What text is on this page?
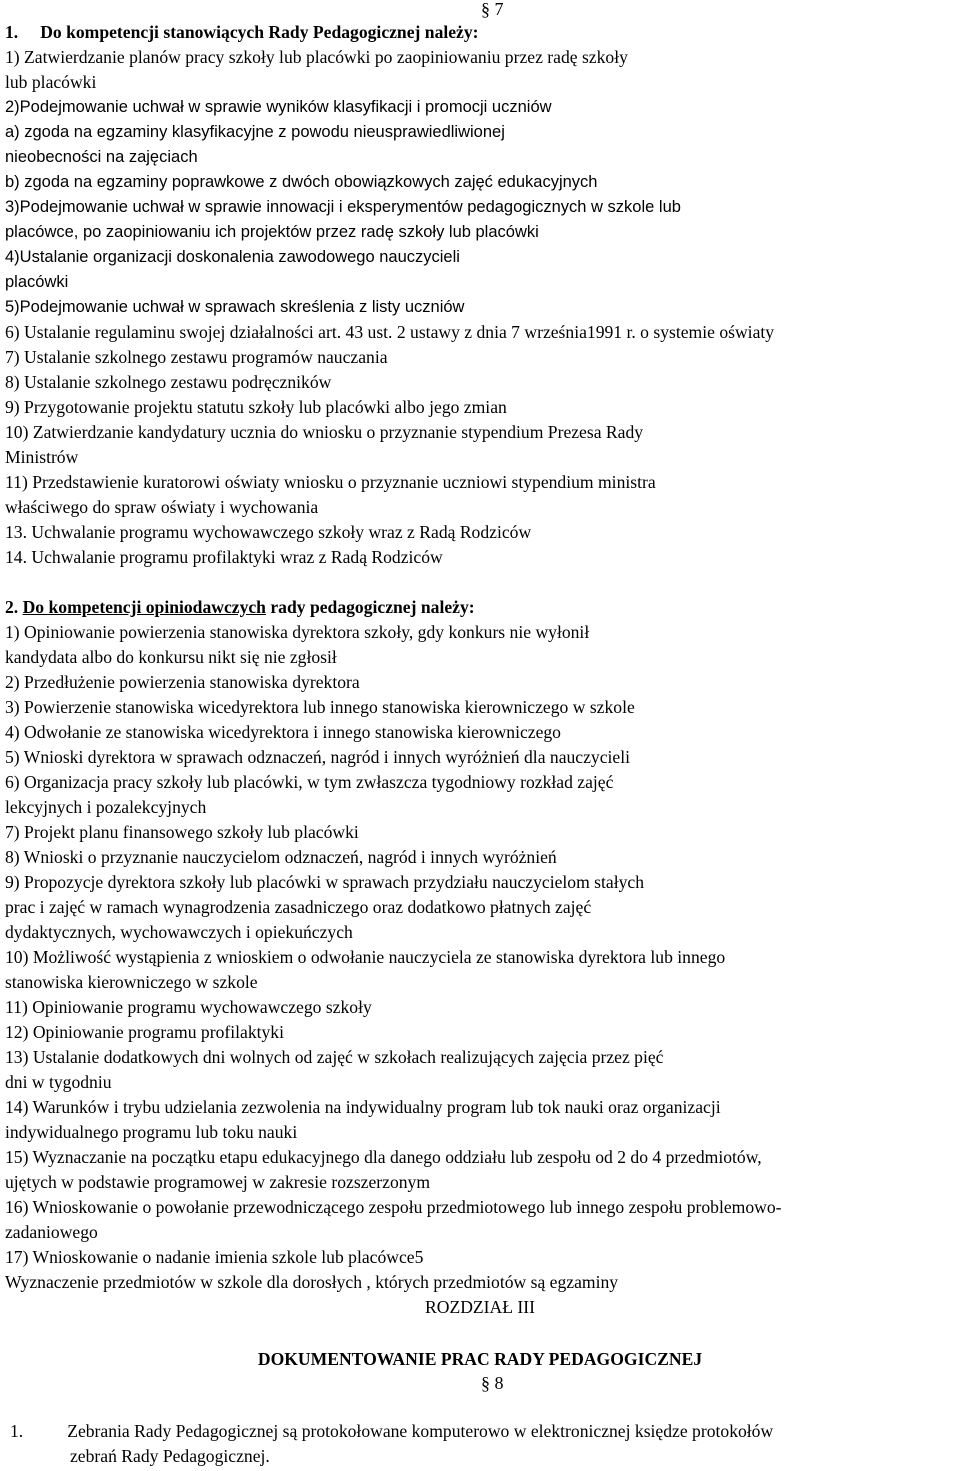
§ 7
1. Do kompetencji stanowiących Rady Pedagogicznej należy:
1) Zatwierdzanie planów pracy szkoły lub placówki po zaopiniowaniu przez radę szkoły
lub placówki
2)Podejmowanie uchwał w sprawie wyników klasyfikacji i promocji uczniów
a) zgoda na egzaminy klasyfikacyjne z powodu nieusprawiedliwionej
nieobecności na zajęciach
b) zgoda na egzaminy poprawkowe z dwóch obowiązkowych zajęć edukacyjnych
3)Podejmowanie uchwał w sprawie innowacji i eksperymentów pedagogicznych w szkole lub
placówce, po zaopiniowaniu ich projektów przez radę szkoły lub placówki
4)Ustalanie organizacji doskonalenia zawodowego nauczycieli
placówki
5)Podejmowanie uchwał w sprawach skreślenia z listy uczniów
6) Ustalanie regulaminu swojej działalności art. 43 ust. 2 ustawy z dnia 7 września1991 r. o systemie oświaty
7) Ustalanie szkolnego zestawu programów nauczania
8) Ustalanie szkolnego zestawu podręczników
9) Przygotowanie projektu statutu szkoły lub placówki albo jego zmian
10) Zatwierdzanie kandydatury ucznia do wniosku o przyznanie stypendium Prezesa Rady
Ministrów
11) Przedstawienie kuratorowi oświaty wniosku o przyznanie uczniowi stypendium ministra
właściwego do spraw oświaty i wychowania
13. Uchwalanie programu wychowawczego szkoły wraz z Radą Rodziców
14. Uchwalanie programu profilaktyki wraz z Radą Rodziców
2. Do kompetencji opiniodawczych rady pedagogicznej należy:
1) Opiniowanie powierzenia stanowiska dyrektora szkoły, gdy konkurs nie wyłonił
kandydata albo do konkursu nikt się nie zgłosił
2) Przedłużenie powierzenia stanowiska dyrektora
3) Powierzenie stanowiska wicedyrektora lub innego stanowiska kierowniczego w szkole
4) Odwołanie ze stanowiska wicedyrektora i innego stanowiska kierowniczego
5) Wnioski dyrektora w sprawach odznaczeń, nagród i innych wyróżnień dla nauczycieli
6) Organizacja pracy szkoły lub placówki, w tym zwłaszcza tygodniowy rozkład zajęć
lekcyjnych i pozalekcyjnych
7) Projekt planu finansowego szkoły lub placówki
8) Wnioski o przyznanie nauczycielom odznaczeń, nagród i innych wyróżnień
9) Propozycje dyrektora szkoły lub placówki w sprawach przydziału nauczycielom stałych
prac i zajęć w ramach wynagrodzenia zasadniczego oraz dodatkowo płatnych zajęć
dydaktycznych, wychowawczych i opiekuńczych
10) Możliwość wystąpienia z wnioskiem o odwołanie nauczyciela ze stanowiska dyrektora lub innego
stanowiska kierowniczego w szkole
11) Opiniowanie programu wychowawczego szkoły
12) Opiniowanie programu profilaktyki
13) Ustalanie dodatkowych dni wolnych od zajęć w szkołach realizujących zajęcia przez pięć
dni w tygodniu
14) Warunków i trybu udzielania zezwolenia na indywidualny program lub tok nauki oraz organizacji
indywidualnego programu lub toku nauki
15) Wyznaczanie na początku etapu edukacyjnego dla danego oddziału lub zespołu od 2 do 4 przedmiotów,
ujętych w podstawie programowej w zakresie rozszerzonym
16) Wnioskowanie o powołanie przewodniczącego zespołu przedmiotowego lub innego zespołu problemowo-
zadaniowego
17) Wnioskowanie o nadanie imienia szkole lub placówce5
Wyznaczenie przedmiotów w szkole dla dorosłych , których przedmiotów są egzaminy
ROZDZIAŁ III
DOKUMENTOWANIE PRAC RADY PEDAGOGICZNEJ
§ 8
1.	Zebrania Rady Pedagogicznej są protokołowane komputerowo w elektronicznej księdze protokołów
zebrań Rady Pedagogicznej.
